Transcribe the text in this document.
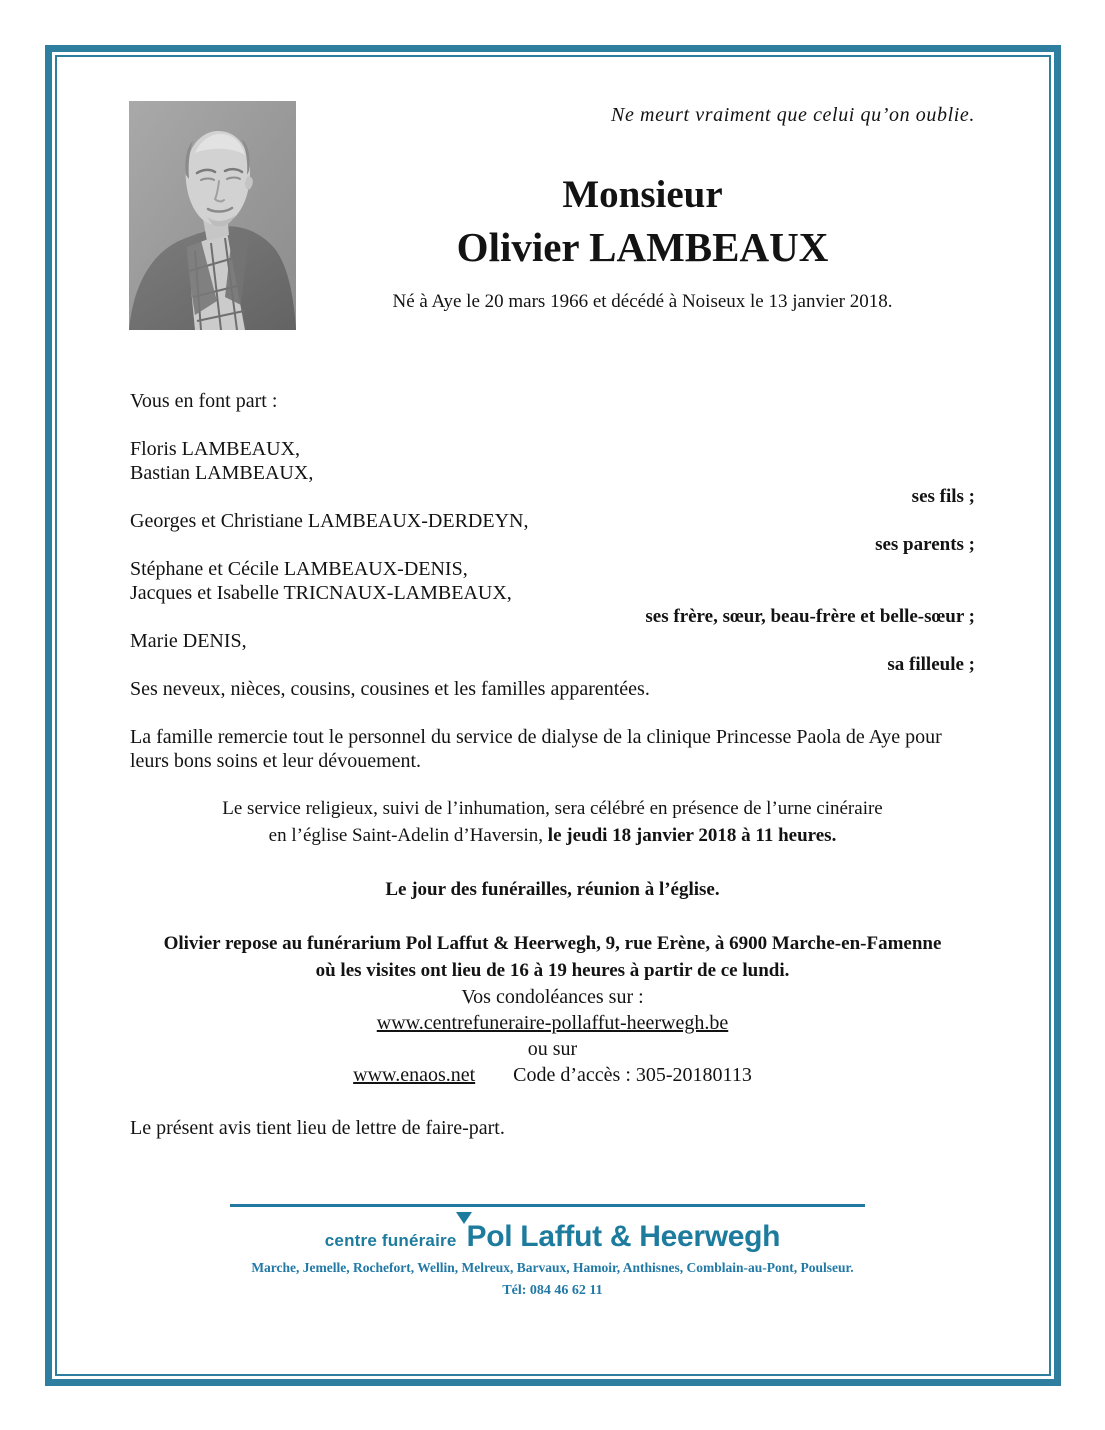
Ne meurt vraiment que celui qu’on oublie.
Monsieur
Olivier LAMBEAUX
Né à Aye le 20 mars 1966 et décédé à Noiseux le 13 janvier 2018.
Vous en font part :

Floris LAMBEAUX,
Bastian LAMBEAUX,
ses fils ;
Georges et Christiane LAMBEAUX-DERDEYN,
ses parents ;
Stéphane et Cécile LAMBEAUX-DENIS,
Jacques et Isabelle TRICNAUX-LAMBEAUX,
ses frère, sœur, beau-frère et belle-sœur ;
Marie DENIS,
sa filleule ;
Ses neveux, nièces, cousins, cousines et les familles apparentées.

La famille remercie tout le personnel du service de dialyse de la clinique Princesse Paola de Aye pour
leurs bons soins et leur dévouement.
Le service religieux, suivi de l’inhumation, sera célébré en présence de l’urne cinéraire
en l’église Saint-Adelin d’Haversin, le jeudi 18 janvier 2018 à 11 heures.

Le jour des funérailles, réunion à l’église.

Olivier repose au funérarium Pol Laffut & Heerwegh, 9, rue Erène, à 6900 Marche-en-Famenne
où les visites ont lieu de 16 à 19 heures à partir de ce lundi.
Vos condoléances sur :
www.centrefuneraire-pollaffut-heerwegh.be
ou sur
www.enaos.net Code d’accès : 305-20180113
Le présent avis tient lieu de lettre de faire-part.
centre funéraire Pol Laffut & Heerwegh
Marche, Jemelle, Rochefort, Wellin, Melreux, Barvaux, Hamoir, Anthisnes, Comblain-au-Pont, Poulseur.
Tél: 084 46 62 11
